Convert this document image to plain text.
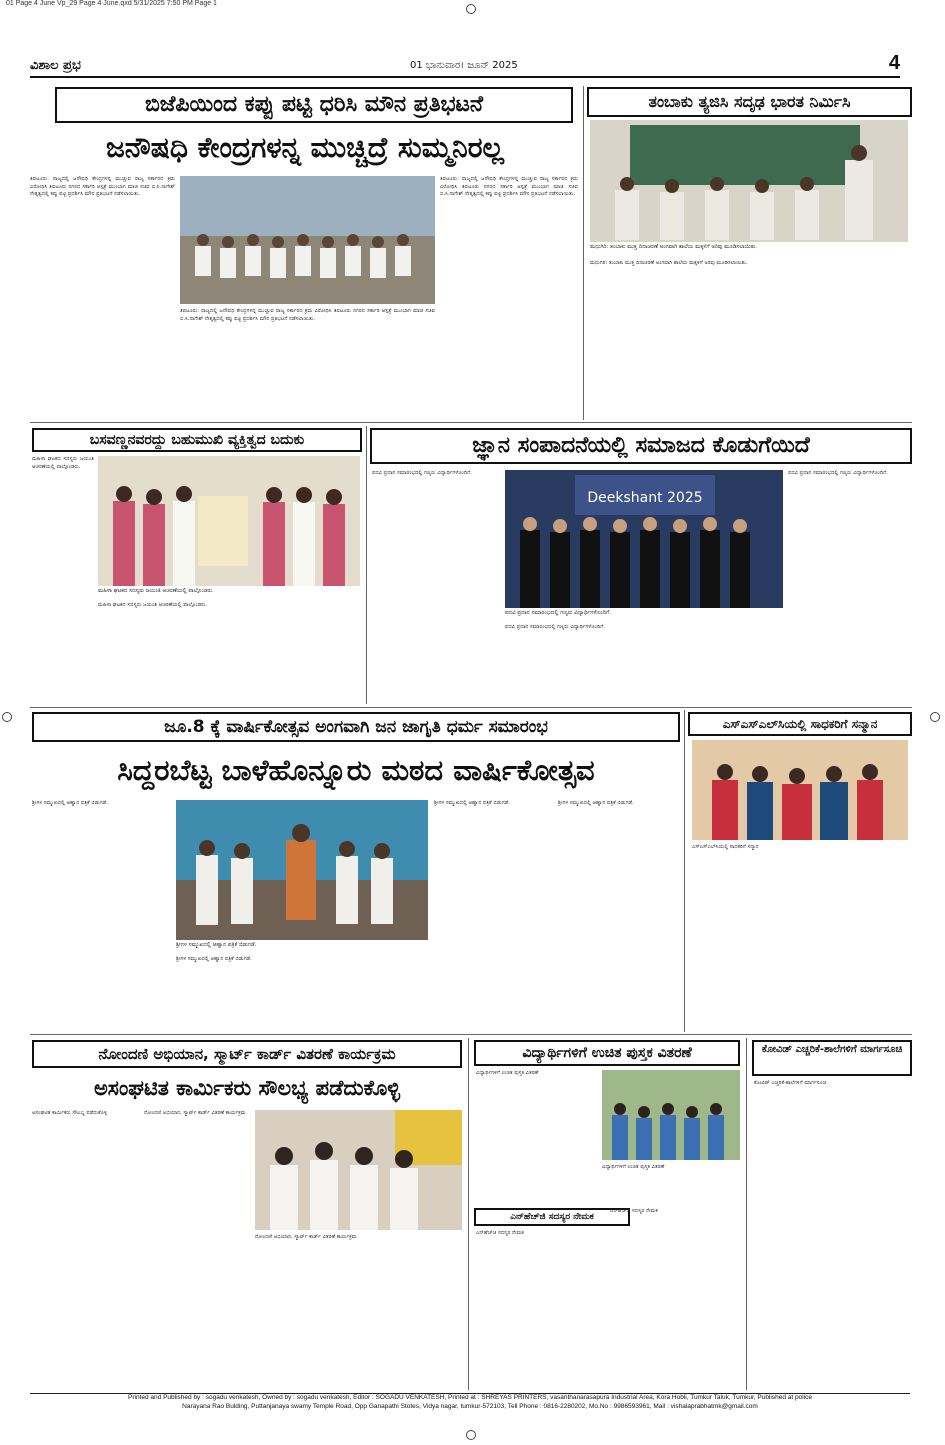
01 Page 4 June Vp_29 Page 4 June.qxd 5/31/2025 7:50 PM Page 1
ವಿಶಾಲ ಪ್ರಭ	01 ಭಾನುವಾರ। ಜೂನ್ 2025	4
ಬಿಜೆಪಿಯಿಂದ ಕಪ್ಪು ಪಟ್ಟಿ ಧರಿಸಿ ಮೌನ ಪ್ರತಿಭಟನೆ
ಜನೌಷಧಿ ಕೇಂದ್ರಗಳನ್ನ ಮುಚ್ಚಿದ್ರೆ ಸುಮ್ಮನಿರಲ್ಲ
ತಿಪಟೂರು: ರಾಜ್ಯದಲ್ಲಿ ಜನೌಷಧಿ ಕೇಂದ್ರಗಳನ್ನ ಮುಚ್ಚುವ ರಾಜ್ಯ ಸರ್ಕಾರದ ಕ್ರಮ ವಿರೋಧಿಸಿ ತಿಪಟೂರು ನಗರದ ಸರ್ಕಾರಿ ಆಸ್ಪತ್ರೆ ಮುಂಭಾಗ ಮಾಜಿ ಸಚಿವ ಬಿ.ಸಿ.ನಾಗೇಶ್ ನೇತೃತ್ವದಲ್ಲಿ ಕಪ್ಪು ಪಟ್ಟಿ ಪ್ರದರ್ಶಿಸಿ ಮೌನ ಪ್ರತಿಭಟನೆ ನಡೆಸಲಾಯಿತು.
ತಿಪಟೂರು: ರಾಜ್ಯದಲ್ಲಿ ಜನೌಷಧಿ ಕೇಂದ್ರಗಳನ್ನ ಮುಚ್ಚುವ ರಾಜ್ಯ ಸರ್ಕಾರದ ಕ್ರಮ ವಿರೋಧಿಸಿ ತಿಪಟೂರು ನಗರದ ಸರ್ಕಾರಿ ಆಸ್ಪತ್ರೆ ಮುಂಭಾಗ ಮಾಜಿ ಸಚಿವ ಬಿ.ಸಿ.ನಾಗೇಶ್ ನೇತೃತ್ವದಲ್ಲಿ ಕಪ್ಪು ಪಟ್ಟಿ ಪ್ರದರ್ಶಿಸಿ ಮೌನ ಪ್ರತಿಭಟನೆ ನಡೆಸಲಾಯಿತು.
ತಿಪಟೂರು: ರಾಜ್ಯದಲ್ಲಿ ಜನೌಷಧಿ ಕೇಂದ್ರಗಳನ್ನ ಮುಚ್ಚುವ ರಾಜ್ಯ ಸರ್ಕಾರದ ಕ್ರಮ ವಿರೋಧಿಸಿ ತಿಪಟೂರು ನಗರದ ಸರ್ಕಾರಿ ಆಸ್ಪತ್ರೆ ಮುಂಭಾಗ ಮಾಜಿ ಸಚಿವ ಬಿ.ಸಿ.ನಾಗೇಶ್ ನೇತೃತ್ವದಲ್ಲಿ ಕಪ್ಪು ಪಟ್ಟಿ ಪ್ರದರ್ಶಿಸಿ ಮೌನ ಪ್ರತಿಭಟನೆ ನಡೆಸಲಾಯಿತು.
ತಂಬಾಕು ತ್ಯಜಿಸಿ ಸದೃಢ ಭಾರತ ನಿರ್ಮಿಸಿ
ಮಧುಗಿರಿ: ತಂಬಾಕು ಮುಕ್ತ ದಿನಾಚರಣೆ ಅಂಗವಾಗಿ ಶಾಲೆಯ ಮಕ್ಕಳಿಗೆ ಅರಿವು ಮೂಡಿಸಲಾಯಿತು.
ಮಧುಗಿರಿ: ತಂಬಾಕು ಮುಕ್ತ ದಿನಾಚರಣೆ ಅಂಗವಾಗಿ ಶಾಲೆಯ ಮಕ್ಕಳಿಗೆ ಅರಿವು ಮೂಡಿಸಲಾಯಿತು.
ಬಸವಣ್ಣನವರದ್ದು ಬಹುಮುಖಿ ವ್ಯಕ್ತಿತ್ವದ ಬದುಕು
ಮಹಿಳಾ ಘಟಕದ ಸದಸ್ಯರು ಜಯಂತಿ ಆಚರಣೆಯಲ್ಲಿ ಪಾಲ್ಗೊಂಡರು.
ಮಹಿಳಾ ಘಟಕದ ಸದಸ್ಯರು ಜಯಂತಿ ಆಚರಣೆಯಲ್ಲಿ ಪಾಲ್ಗೊಂಡರು.
ಮಹಿಳಾ ಘಟಕದ ಸದಸ್ಯರು ಜಯಂತಿ ಆಚರಣೆಯಲ್ಲಿ ಪಾಲ್ಗೊಂಡರು.
ಜ್ಞಾನ ಸಂಪಾದನೆಯಲ್ಲಿ ಸಮಾಜದ ಕೊಡುಗೆಯಿದೆ
ಪದವಿ ಪ್ರದಾನ ಸಮಾರಂಭದಲ್ಲಿ ಗಣ್ಯರು ವಿದ್ಯಾರ್ಥಿಗಳೊಂದಿಗೆ.
Deekshant 2025
ಪದವಿ ಪ್ರದಾನ ಸಮಾರಂಭದಲ್ಲಿ ಗಣ್ಯರು ವಿದ್ಯಾರ್ಥಿಗಳೊಂದಿಗೆ.
ಪದವಿ ಪ್ರದಾನ ಸಮಾರಂಭದಲ್ಲಿ ಗಣ್ಯರು ವಿದ್ಯಾರ್ಥಿಗಳೊಂದಿಗೆ.
ಪದವಿ ಪ್ರದಾನ ಸಮಾರಂಭದಲ್ಲಿ ಗಣ್ಯರು ವಿದ್ಯಾರ್ಥಿಗಳೊಂದಿಗೆ.
ಜೂ.8 ಕ್ಕೆ ವಾರ್ಷಿಕೋತ್ಸವ ಅಂಗವಾಗಿ ಜನ ಜಾಗೃತಿ ಧರ್ಮ ಸಮಾರಂಭ
ಸಿದ್ದರಬೆಟ್ಟ ಬಾಳೆಹೊನ್ನೂರು ಮಠದ ವಾರ್ಷಿಕೋತ್ಸವ
ಶ್ರೀಗಳ ಸಮ್ಮುಖದಲ್ಲಿ ಆಹ್ವಾನ ಪತ್ರಿಕೆ ಬಿಡುಗಡೆ.
ಶ್ರೀಗಳ ಸಮ್ಮುಖದಲ್ಲಿ ಆಹ್ವಾನ ಪತ್ರಿಕೆ ಬಿಡುಗಡೆ.
ಶ್ರೀಗಳ ಸಮ್ಮುಖದಲ್ಲಿ ಆಹ್ವಾನ ಪತ್ರಿಕೆ ಬಿಡುಗಡೆ.
ಶ್ರೀಗಳ ಸಮ್ಮುಖದಲ್ಲಿ ಆಹ್ವಾನ ಪತ್ರಿಕೆ ಬಿಡುಗಡೆ.	ಶ್ರೀಗಳ ಸಮ್ಮುಖದಲ್ಲಿ ಆಹ್ವಾನ ಪತ್ರಿಕೆ ಬಿಡುಗಡೆ.
ಎಸ್‌ಎಸ್‌ಎಲ್‌ಸಿಯಲ್ಲಿ ಸಾಧಕರಿಗೆ ಸನ್ಮಾನ
ಎಸ್‌ಎಸ್‌ಎಲ್‌ಸಿಯಲ್ಲಿ ಸಾಧಕರಿಗೆ ಸನ್ಮಾನ
ನೋಂದಣಿ ಅಭಿಯಾನ, ಸ್ಮಾರ್ಟ್ ಕಾರ್ಡ್ ವಿತರಣೆ ಕಾರ್ಯಕ್ರಮ
ಅಸಂಘಟಿತ ಕಾರ್ಮಿಕರು ಸೌಲಭ್ಯ ಪಡೆದುಕೊಳ್ಳಿ
ಅಸಂಘಟಿತ ಕಾರ್ಮಿಕರು ಸೌಲಭ್ಯ ಪಡೆದುಕೊಳ್ಳಿ	ನೋಂದಣಿ ಅಭಿಯಾನ, ಸ್ಮಾರ್ಟ್ ಕಾರ್ಡ್ ವಿತರಣೆ ಕಾರ್ಯಕ್ರಮ
ನೋಂದಣಿ ಅಭಿಯಾನ, ಸ್ಮಾರ್ಟ್ ಕಾರ್ಡ್ ವಿತರಣೆ ಕಾರ್ಯಕ್ರಮ
ವಿದ್ಯಾರ್ಥಿಗಳಿಗೆ ಉಚಿತ ಪುಸ್ತಕ ವಿತರಣೆ
ವಿದ್ಯಾರ್ಥಿಗಳಿಗೆ ಉಚಿತ ಪುಸ್ತಕ ವಿತರಣೆ
ವಿದ್ಯಾರ್ಥಿಗಳಿಗೆ ಉಚಿತ ಪುಸ್ತಕ ವಿತರಣೆ
ಎನ್‌ಹೆಚ್‌ಜಿ ಸದಸ್ಯರ ನೇಮಕ
ಎನ್‌ಹೆಚ್‌ಜಿ ಸದಸ್ಯರ ನೇಮಕ
ಎನ್‌ಹೆಚ್‌ಜಿ ಸದಸ್ಯರ ನೇಮಕ
ಕೋವಿಡ್ ಎಚ್ಚರಿಕೆ-ಶಾಲೆಗಳಿಗೆ ಮಾರ್ಗಸೂಚಿ
ಕೋವಿಡ್ ಎಚ್ಚರಿಕೆ-ಶಾಲೆಗಳಿಗೆ ಮಾರ್ಗಸೂಚಿ
Printed and Published by : sogadu venkatesh, Owned by : sogadu venkatesh, Editor : SOGADU VENKATESH, Printed at : SHREYAS PRINTERS, vasanthanarasapura Industrial Area, Kora Hobli, Tumkur Taluk, Tumkur, Published at police
Narayana Rao Bulding, Puttanjanaya swamy Temple Road, Opp Ganapathi Stotes, Vidya nagar, tumkur-572103, Tell Phone : 0816-2280202, Mo.No : 9986593961, Mail : vishalaprabhatmk@gmail.com
